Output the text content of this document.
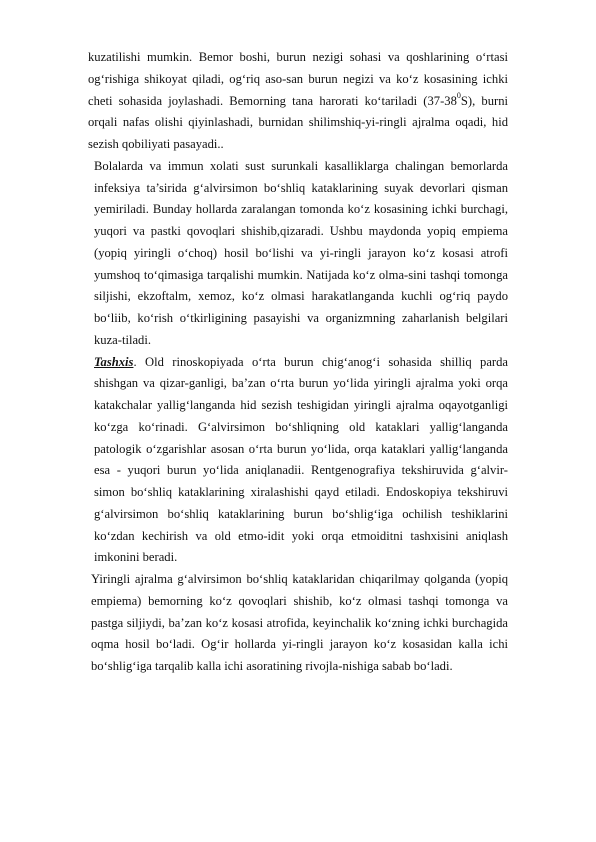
kuzatilishi mumkin. Bemor boshi, burun nezigi sohasi va qoshlarining o‘rtasi og‘rishiga shikoyat qiladi, og‘riq aso-san burun negizi va ko‘z kosasining ichki cheti sohasida joylashadi. Bemorning tana harorati ko‘tariladi $(37-38^0S)$, burni orqali nafas olishi qiyinlashadi, burnidan shilimshiq-yi-ringli ajralma oqadi, hid sezish qobiliyati pasayadi..

Bolalarda va immun xolati sust surunkali kasalliklarga chalingan bemorlarda infeksiya ta’sirida g‘alvirsimon bo‘shliq kataklarining suyak devorlari qisman yemiriladi. Bunday hollarda zaralangan tomonda ko‘z kosasining ichki burchagi, yuqori va pastki qovoqlari shishib,qizaradi. Ushbu maydonda yopiq empiema (yopiq yiringli o‘choq) hosil bo‘lishi va yi-ringli jarayon ko‘z kosasi atrofi yumshoq to‘qimasiga tarqalishi mumkin. Natijada ko‘z olma-sini tashqi tomonga siljishi, ekzoftalm, xemoz, ko‘z olmasi harakatlanganda kuchli og‘riq paydo bo‘liib, ko‘rish o‘tkirligining pasayishi va organizmning zaharlanish belgilari kuza-tiladi.

Tashxis. Old rinoskopiyada o‘rta burun chig‘anog‘i sohasida shilliq parda shishgan va qizar-ganligi, ba’zan o‘rta burun yo‘lida yiringli ajralma yoki orqa katakchalar yallig‘langanda hid sezish teshigidan yiringli ajralma oqayotganligi ko‘zga ko‘rinadi. G‘alvirsimon bo‘shliqning old kataklari yallig‘langanda patologik o‘zgarishlar asosan o‘rta burun yo‘lida, orqa kataklari yallig‘langanda esa - yuqori burun yo‘lida aniqlanadii. Rentgenografiya tekshiruvida g‘alvir-simon bo‘shliq kataklarining xiralashishi qayd etiladi. Endoskopiya tekshiruvi g‘alvirsimon bo‘shliq kataklarining burun bo‘shlig‘iga ochilish teshiklarini ko‘zdan kechirish va old etmo-idit yoki orqa etmoiditni tashxisini aniqlash imkonini beradi.

Yiringli ajralma g‘alvirsimon bo‘shliq kataklaridan chiqarilmay qolganda (yopiq empiema) bemorning ko‘z qovoqlari shishib, ko‘z olmasi tashqi tomonga va pastga siljiydi, ba’zan ko‘z kosasi atrofida, keyinchalik ko‘zning ichki burchagida oqma hosil bo‘ladi. Og‘ir hollarda yi-ringli jarayon ko‘z kosasidan kalla ichi bo‘shlig‘iga tarqalib kalla ichi asoratining rivojla-nishiga sabab bo‘ladi.
